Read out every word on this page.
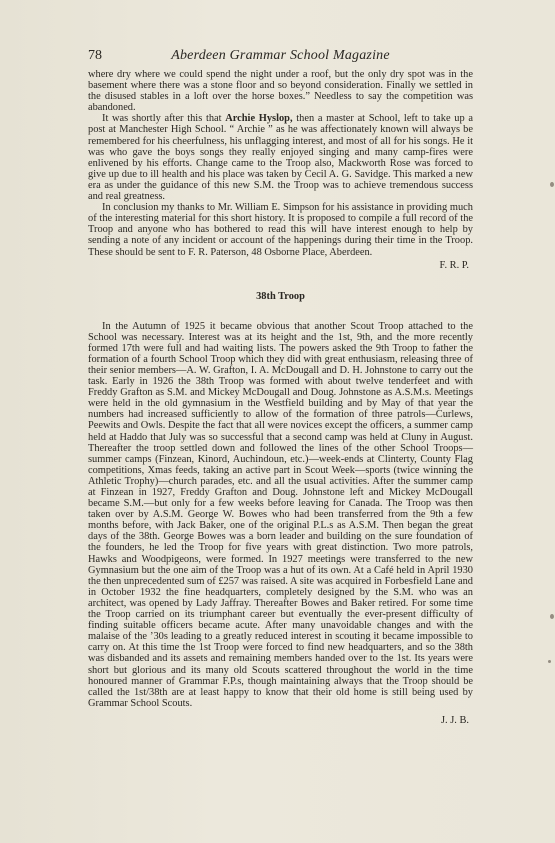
78	Aberdeen Grammar School Magazine

where dry where we could spend the night under a roof, but the only dry spot was in the basement where there was a stone floor and so beyond consideration. Finally we settled in the disused stables in a loft over the horse boxes.” Needless to say the competition was abandoned.

It was shortly after this that Archie Hyslop, then a master at School, left to take up a post at Manchester High School. “ Archie ” as he was affectionately known will always be remembered for his cheerfulness, his unflagging interest, and most of all for his songs. He it was who gave the boys songs they really enjoyed singing and many camp-fires were enlivened by his efforts. Change came to the Troop also, Mackworth Rose was forced to give up due to ill health and his place was taken by Cecil A. G. Savidge. This marked a new era as under the guidance of this new S.M. the Troop was to achieve tremendous success and real greatness.

In conclusion my thanks to Mr. William E. Simpson for his assistance in providing much of the interesting material for this short history. It is proposed to compile a full record of the Troop and anyone who has bothered to read this will have interest enough to help by sending a note of any incident or account of the happenings during their time in the Troop. These should be sent to F. R. Paterson, 48 Osborne Place, Aberdeen.

F. R. P.
38th Troop

In the Autumn of 1925 it became obvious that another Scout Troop attached to the School was necessary. Interest was at its height and the 1st, 9th, and the more recently formed 17th were full and had waiting lists. The powers asked the 9th Troop to father the formation of a fourth School Troop which they did with great enthusiasm, releasing three of their senior members—A. W. Grafton, I. A. McDougall and D. H. Johnstone to carry out the task. Early in 1926 the 38th Troop was formed with about twelve tenderfeet and with Freddy Grafton as S.M. and Mickey McDougall and Doug. Johnstone as A.S.M.s. Meetings were held in the old gymnasium in the Westfield building and by May of that year the numbers had increased sufficiently to allow of the formation of three patrols—Curlews, Peewits and Owls. Despite the fact that all were novices except the officers, a summer camp held at Haddo that July was so successful that a second camp was held at Cluny in August. Thereafter the troop settled down and followed the lines of the other School Troops—summer camps (Finzean, Kinord, Auchindoun, etc.)—week-ends at Clinterty, County Flag competitions, Xmas feeds, taking an active part in Scout Week—sports (twice winning the Athletic Trophy)—church parades, etc. and all the usual activities. After the summer camp at Finzean in 1927, Freddy Grafton and Doug. Johnstone left and Mickey McDougall became S.M.—but only for a few weeks before leaving for Canada. The Troop was then taken over by A.S.M. George W. Bowes who had been transferred from the 9th a few months before, with Jack Baker, one of the original P.L.s as A.S.M. Then began the great days of the 38th. George Bowes was a born leader and building on the sure foundation of the founders, he led the Troop for five years with great distinction. Two more patrols, Hawks and Woodpigeons, were formed. In 1927 meetings were transferred to the new Gymnasium but the one aim of the Troop was a hut of its own. At a Café held in April 1930 the then unprecedented sum of £257 was raised. A site was acquired in Forbesfield Lane and in October 1932 the fine headquarters, completely designed by the S.M. who was an architect, was opened by Lady Jaffray. Thereafter Bowes and Baker retired. For some time the Troop carried on its triumphant career but eventually the ever-present difficulty of finding suitable officers became acute. After many unavoidable changes and with the malaise of the ’30s leading to a greatly reduced interest in scouting it became impossible to carry on. At this time the 1st Troop were forced to find new headquarters, and so the 38th was disbanded and its assets and remaining members handed over to the 1st. Its years were short but glorious and its many old Scouts scattered throughout the world in the time honoured manner of Grammar F.P.s, though maintaining always that the Troop should be called the 1st/38th are at least happy to know that their old home is still being used by Grammar School Scouts.

J. J. B.
